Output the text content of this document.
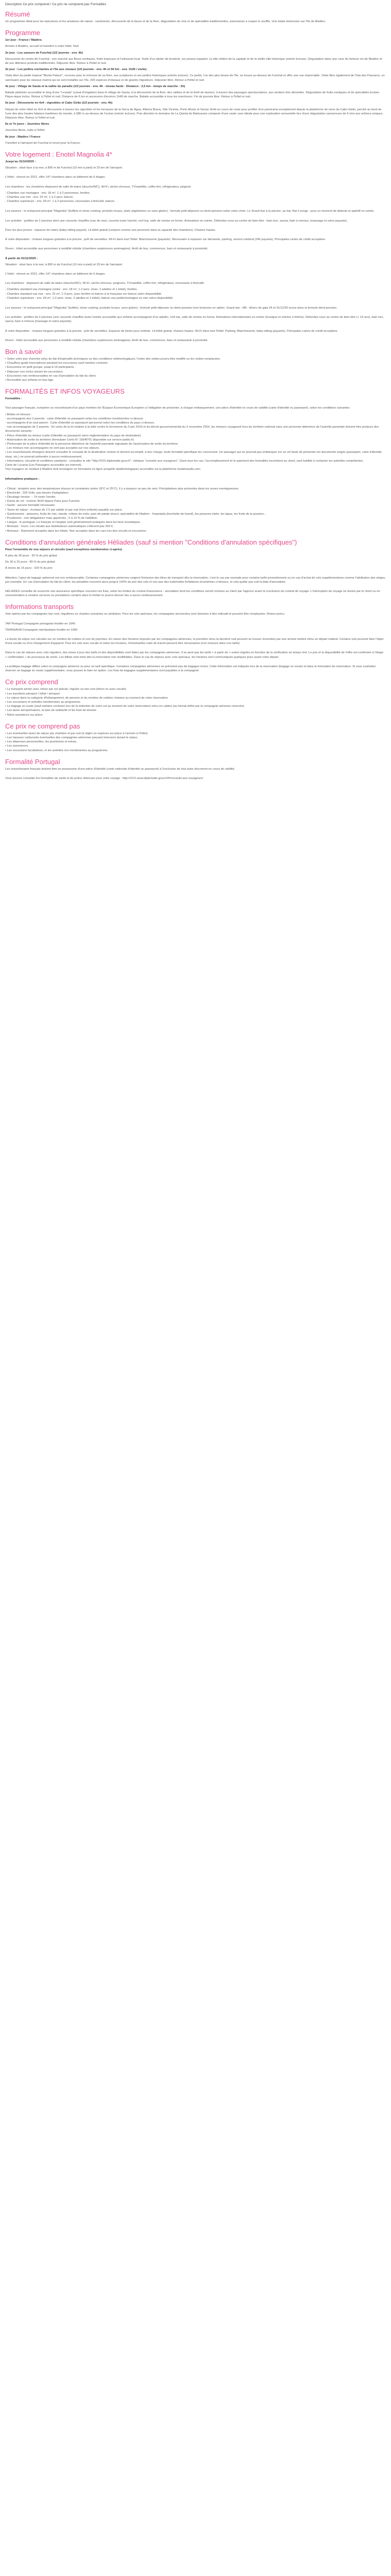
Description Ce prix comprend / Ce prix ne comprend pas Formalités
Résumé

Un programme idéal pour les épicuriens et les amateurs de nature : randonnée, découverte de la faune et de la flore, dégustation de vins et de spécialités traditionnelles, panoramas à couper le souffle. Une totale immersion sur l'île de Madère.

Programme

1er jour : France / Madère.

Arrivée à Madère, accueil et transfert à votre hôtel. Nuit.

2e jour : Les saveurs de Funchal (1/2 journée - env. 4h)

Découverte du centre de Funchal : son marché aux fleurs exotiques, fruits tropicaux et l'artisanat local. Visite d'un atelier de broderie, sur poisse-espadon, la ville côtière de la capitale et de la vieille ville historique (entrée incluse). Dégustation dans une cave du fameux vin de Madère et de ses délicieux produits traditionnels. Déjeuner libre. Retour à l'hôtel et nuit.

3e jour : Les jardins enchantés et l'île aux oiseaux (1/2 journée - env. 4h et 50 km - env. 1h30 / visite)

Visite libre du jardin tropical "Monte Palace", reconnu pour la richesse de sa flore, ses sculptures et ses jardins historiques (entrée incluse). Ce jardin, l'un des plus beaux de l'île, se trouve au-dessus de Funchal et offre une vue imprenable. Visite libre également de l'Isla dos Passaros, un sanctuaire pour les oiseaux marins qui se sont installés sur l'île, 200 espèces d'oiseaux et de grands migrateurs. Déjeuner libre. Retour à l'hôtel et nuit.

4e jour : Village de Gaula et la vallée du paradis (1/2 journée - env. 4h - niveau facile - Distance : 2,5 km - temps de marche : 2h)

Balade pédestre accessible le long d'une "Levada" (canal d'irrigation) dans le village de Gaula, à la découverte de la flore, des vallées et de la forêt de lauriers, à travers des paysages spectaculaires, aux sentiers très dénivelés. Dégustation de fruits exotiques et de spécialités locales. Pique-nique inclus. Retour à l'hôtel et nuit. Distance de 6 km et ascension d'environ 1h45 de marche. Balade accessible à tous les marcheurs. Fin de journée libre. Retour à l'hôtel et nuit.

5e jour : Découverte en 4x4 : vignobles et Cabo Girão (1/2 journée - env. 4h)

Départ de votre hôtel en 4x4 et découverte à travers les vignobles et les terrasses de la Serra de Água, Ribeira Brava, São Vicente, Porto Moniz et Seixal. Arrêt en cours de route pour profiter d'un panorama exceptionnel depuis la plateforme de verre du Cabo Girão, perché au bord de l'une des plus hautes falaises maritimes du monde, à 580 m au-dessus de l'océan (entrée incluse). Puis direction le domaine de La Quinta do Barbusano composé d'une vaste cave idéale pour une exploration sensorielle lors d'une dégustation savoureuse de 6 vins aux arômes uniques. Déjeuner libre. Retour à l'hôtel et nuit.

6e et 7e jours : Journées libres

Journées libres, nuits à l'hôtel.

8e jour : Madère / France

Transfert à l'aéroport de Funchal et envol pour la France.

Votre logement : Enotel Magnolia 4*

Jusqu'au 31/10/2025 :

Situation : situé face à la mer, à 800 m de Funchal (10 min à pied) et 25 km de l'aéroport.

L'hôtel : rénové en 2021, offre 147 chambres dans un bâtiment de 6 étages.

Les chambres : les chambres disposent de salle de bains (douche/WC), Wi-Fi, sèche-cheveux, TV/satellite, coffre-fort, réfrigérateur, peignoir.

- Chambre vue montagne : env. 18 m², 1 à 2 personnes, fenêtre.
- Chambre vue mer : env. 22 m², 1 à 2 pers, balcon.
- Chambre supérieure : env. 26 m², 1 à 3 personnes, nécessaire à thé/café, balcon.

Les saveurs : le restaurant principal "Magnolia" (buffets et show cooking, produits locaux, plats végétariens ou sans gluten) ; formule petit-déjeuner ou demi-pension selon votre choix. Le Snack-bar à la piscine, au bar, Bar-Lounge : pour un moment de détente et apéritif en soirée.

Les activités : profitez de 2 piscines dont une couverte chauffée (eau de mer), ouverte toute l'année, roof top, salle de remise en forme. Animations en soirée. Détendez-vous au centre de bien-être : bain turc, sauna, bain à remous, (massage et soins payants).

Pour les plus jeunes : espaces de loisirs (baby-sitting payant), Lit bébé gratuit (compris comme une personne dans la capacité des chambres). Chaises hautes.

À votre disposition : chaises longues gratuites à la piscine ; prêt de serviettes. Wi-Fi dans tout l'hôtel. Blanchisserie (payante). Nécessaire à repasser sur demande, parking, service médical (24h payants). Principales cartes de crédit acceptées.

Divers : hôtel accessible aux personnes à mobilité réduite (chambres supérieures aménagées). Arrêt de bus, commerces, bars et restaurants à proximité.

À partir du 01/11/2025 :

Situation : situé face à la mer, à 800 m de Funchal (10 min à pied) et 25 km de l'aéroport.

L'hôtel : rénové en 2021, offre 147 chambres dans un bâtiment de 6 étages.

Les chambres : disposent de salle de bains (douche/WC), Wi-Fi, sèche-cheveux, peignoirs, TV/satellite, coffre-fort, réfrigérateur, nécessaire à thé/café.

- Chambre standard vue montagne (ordre : env. 18 m², 1-2 pers. (max. 2 adultes et 1 bébé), fenêtre.
- Chambre standard vue mer : env. 22 m², 1-3 pers. avec fenêtre et balcon à la française sur balcon selon disponibilité.
- Chambre supérieure : env. 26 m², 1-2 pers. (max. 2 adultes et 1 bébé), balcon vue jardin/montagne ou mer selon disponibilité.

Les saveurs : le restaurant principal "Magnolia" (buffets, show cooking, produits locaux, sans gluten) ; formule petit-déjeuner ou demi-pension hors boissons en option. Snack-bar ; NB : dîners de gala 24 et 31/12/25 inclus dans la formule demi-pension.

Les activités : profitez de 2 piscines (une couverte chauffée toute l'année accessible aux enfants accompagnés d'un adulte), roof top, salle de remise en forme. Animations internationales en soirée (musique et soirées à thème). Détendez-vous au centre de bien-être (+ 16 ans), bain turc, sauna, bain à remous (massage et soins payants).

À votre disposition : chaises longues gratuites à la piscine ; prêt de serviettes. Espaces de loisirs pour enfants. Lit bébé gratuit, chaises hautes. Wi-Fi dans tout l'hôtel. Parking. Blanchisserie, baby-sitting (payants). Principales cartes de crédit acceptées.

Divers : hôtel accessible aux personnes à mobilité réduite (chambres supérieures aménagées). Arrêt de bus, commerces, bars et restaurants à proximité.

Bon à savoir
• Selon votre jour d'arrivée et/ou du fait d'impératifs techniques ou des conditions météorologiques, l'ordre des visites pourra être modifié ou les visites remplacées.
• Chauffeur-guide francophone pendant les excursions sauf mention contraire
• Excursions en petit groupe, jusqu'à 19 participants.
• Déjeuner non inclus durant les excursions.
• Excursions non remboursables en cas d'annulation du fait du client.
• Accessible aux enfants en bas âge.
FORMALITÉS ET INFOS VOYAGEURS

Formalités :

Tout passager français, européen ou ressortissant d'un pays membre de l'Espace Économique Européen a l'obligation de présenter, à chaque embarquement, une pièce d'identité en cours de validité (carte d'identité ou passeport), selon les conditions suivantes :

• Bébés et mineurs :
- accompagnés des 2 parents : carte d'identité ou passeport selon les conditions mentionnées ci-dessus.
- accompagnés d'un seul parent : Carte d'identité ou passeport personnel selon les conditions du pays ci-dessus.
- non accompagnés de 2 parents : En vertu de la loi relative à la lutte contre le terrorisme du 3 juin 2016 et du décret gouvernemental du 2 novembre 2016, les mineurs voyageant hors du territoire national sans une personne détentrice de l'autorité parentale doivent être porteurs des documents suivants :
• Pièce d'identité du mineur (carte d'identité ou passeport selon réglementation du pays de destination)
• Autorisation de sortie du territoire (formulaire Cerfa N° 15646*01 disponible sur service-public.fr)
• Photocopie de la pièce d'identité de la personne détentrice de l'autorité parentale signataire de l'autorisation de sortie du territoire
- Les mineurs non accompagnés ne sont pas acceptés sur nos séjours.
• Les ressortissants étrangers doivent consulter le consulat de la destination choisie et doivent accomplir, à leur charge, toute formalité spécifique les concernant. Un passager qui ne pourrait pas embarquer sur un vol faute de présenter les documents exigés (passeport, carte d'identité, visas, etc.) ne pourrait prétendre à aucun remboursement.
• Informations, sécurité et conditions sanitaires : consultez le site "http://XXX.diplomatie.gouv.fr", rubrique "conseils aux voyageurs". Dans tous les cas, l'accomplissement et le paiement des formalités incombent au client, seul habilité à contacter les autorités compétentes.
Carte de Lucania (Les Passagers accessible sur internet).
Tout voyageur se rendant à Madère doit renseigner un formulaire en ligne (enquête épidémiologique) accessible via la plateforme madeirasafe.com.

Informations pratiques :

• Climat : tempéré avec des températures douces et constantes (entre 18°C et 25°C). Il y a toujours un peu de vent. Précipitations plus présentes dans les zones montagneuses.
• Électricité : 220 Volts, pas besoin d'adaptateur.
• Décalage horaire : - 1h toute l'année.
• Durée de vol : environ 3h30 depuis Paris pour Funchal.
• Santé : aucune formalité nécessaire.
• Taxes de séjour : écotaxe de 2 € par adulte et par nuit (hors enfants) payable sur place.
• Gastronomie : poissons, fruits de mer, viande, crêpes de maïs, pain de patate douce, spécialités de Madère : l'espetada (brochette de boeuf), les poissons épée, les lapas, les fruits de la passion...
• Pourboires : non obligatoires mais appréciés ; 5 à 10 % de l'addition.
• Langue : le portugais. Le français et l'anglais sont généralement pratiqués dans les lieux touristiques.
• Monnaie : l'euro. Les retraits aux distributeurs automatiques s'élèvent pas 200 €.
• Animaux : Rarement acceptés dans les hôtels. Non acceptés dans les cars lors des circuits et excursions.
Conditions d'annulation générales Héliades (sauf si mention "Conditions d'annulation spécifiques")

Pour l'ensemble de nos séjours et circuits (sauf exceptions mentionnées ci-après)

À plus de 30 jours : 35 % du prix global

De 30 à 15 jours : 85 % du prix global

À moins de 15 jours : 100 % du prix

Attention, l'ajout de bagage optionnel est non remboursable. Certaines compagnies aériennes exigent l'émission des titres de transport dès la réservation, c'est le cas par exemple pour certains tarifs promotionnels ou en cas d'achat de vols supplémentaires comme l'attribution des sièges, par exemple. En cas d'annulation du fait du client, les pénalités couvrent alors jusqu'à 100% du prix des vols et non pas des indemnités forfaitaires énumérées ci-dessus, et cela quelle que soit la date d'annulation.

HÉLIADES conseille de souscrire une assurance spécifique couvrant ces frais, selon les limites du contrat d'assurance - annulation dont les conditions seront remises au client par l'agence avant la conclusion du contrat de voyage. L'interruption du voyage ne donne par le client ou ne consommation à certains services ou prestations compris dans le forfait ne pourra donner lieu à aucun remboursement.

Informations transports

Vols opérés par les compagnies low cost, régulières ou charters suivantes ou similaires. Pour les vols spéciaux, les compagnies annoncées sont données à titre indicatif et peuvent être remplacées. Retour prévu.

TAP Portugal Compagnie portugaise fondée en 1945

TRANSAVIA Compagnie néerlandaise fondée en 1965

La durée du séjour est calculée sur un nombre de nuitées et non de journées. En raison des horaires imposés par les compagnies aériennes, la première et/ou la dernière nuit peuvent se trouver écourtées par une arrivée tardive et/ou un départ matinal. Certains vols peuvent faire l'objet d'une escale ou d'un changement d'appareil. Pour les vols avec escale et selon les horaires, d'éventuelles nuits de transit peuvent être nécessaires (non incluses dans nos tarifs).

Dans le cas de séjours avec vols réguliers, des mises à jour des tarifs et des disponibilités sont faites par les compagnies aériennes. Il se peut que les tarifs + à partir de + soient régulés en fonction de la vérification en temps réel. Le prix et la disponibilité de l'offre est confirmée à l'étape « confirmation » du processus de vente. Les billets sont émis dès la réservation non modifiables. Dans le cas de séjours avec vols spéciaux, les horaires sont communiqués quelques jours avant votre départ.

La politique bagage diffère selon la compagnie aérienne ou pour un tarif spécifique. Certaines compagnies aériennes ne prévoient pas de bagages inclus. Cette information est indiquée lors de la réservation (bagage en soute) et dans le formulaire de réservation. Si vous souhaitez réserver un bagage en soute supplémentaire, vous pouvez le faire en option. Les frais de bagages supplémentaires sont payables à la compagnie.

Ce prix comprend
• Le transport aérien avec retour par vol spécial, régulier ou low cost (direct ou avec escale)
• Les transferts aéroport / hôtel / aéroport
• Le séjour dans la catégorie d'hébergement, de pension et du nombre de nuitées choisies au moment de votre réservation.
• Les excursions et activités mentionnées au programme.
• Le bagage en soute (sauf mention contraire lors de la sélection de votre vol au moment de votre réservation) et/ou en cabine (au format défini par la compagnie aérienne réservée)
• Les taxes aéroportuaires, la taxe de solidarité et les frais de dossier
• Notre assistance sur place.
Ce prix ne comprend pas
• Les éventuelles taxes de séjour par chambre et par nuit (à régler en espèces sur place à l'arrivée à l'hôtel).
• Les hausses carburants éventuelles des compagnies aériennes pouvant intervenir durant le séjour.
• Les dépenses personnelles, les pourboires et extras.
• Les assurances.
• Les excursions facultatives, et les activités non mentionnées au programme.
Formalité Portugal

Les ressortissants français doivent être en possession d'une pièce d'identité (carte nationale d'identité ou passeport) à l'exclusion de tout autre document en cours de validité.

Vous pouvez consulter les formalités de santé et de police obtenues pour votre voyage : http://XXX.www.diplomatie.gouv.fr/fr/conseils-aux-voyageurs/
